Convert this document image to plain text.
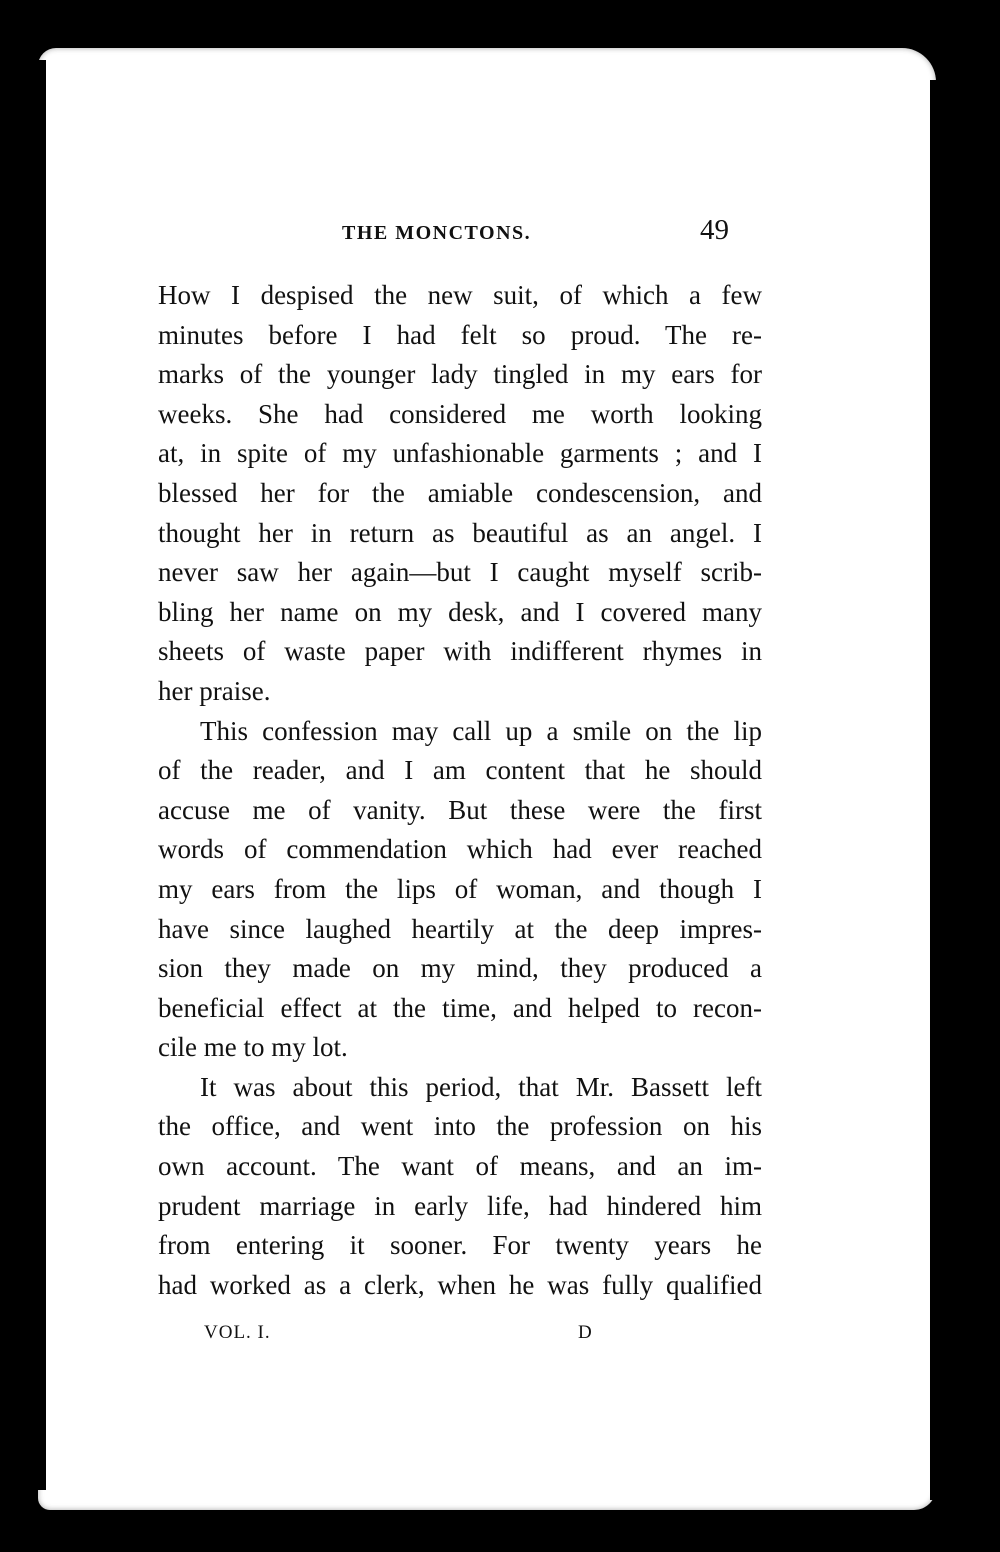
THE MONCTONS.	49
How I despised the new suit, of which a few
minutes before I had felt so proud. The re-
marks of the younger lady tingled in my ears for
weeks. She had considered me worth looking
at, in spite of my unfashionable garments ; and I
blessed her for the amiable condescension, and
thought her in return as beautiful as an angel. I
never saw her again—but I caught myself scrib-
bling her name on my desk, and I covered many
sheets of waste paper with indifferent rhymes in
her praise.
This confession may call up a smile on the lip
of the reader, and I am content that he should
accuse me of vanity. But these were the first
words of commendation which had ever reached
my ears from the lips of woman, and though I
have since laughed heartily at the deep impres-
sion they made on my mind, they produced a
beneficial effect at the time, and helped to recon-
cile me to my lot.
It was about this period, that Mr. Bassett left
the office, and went into the profession on his
own account. The want of means, and an im-
prudent marriage in early life, had hindered him
from entering it sooner. For twenty years he
had worked as a clerk, when he was fully qualified
VOL. I.	D
